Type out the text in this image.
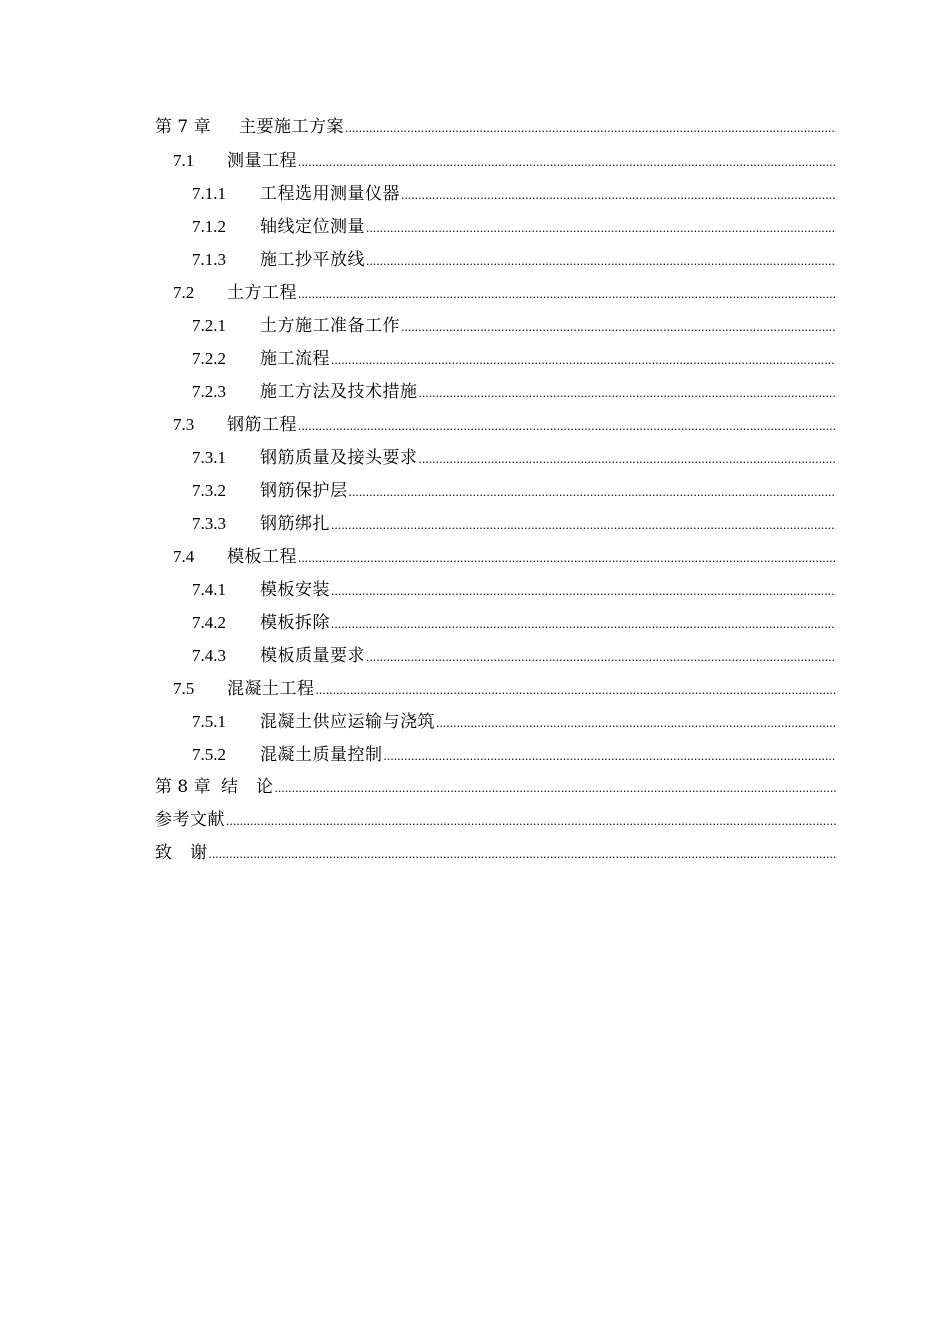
第 7 章	主要施工方案
.....
7.1	测量工程
.....
7.1.1	工程选用测量仪器
.....
7.1.2	轴线定位测量
.....
7.1.3	施工抄平放线
.....
7.2	土方工程
.....
7.2.1	土方施工准备工作
.....
7.2.2	施工流程
.....
7.2.3	施工方法及技术措施
.....
7.3	钢筋工程
.....
7.3.1	钢筋质量及接头要求
.....
7.3.2	钢筋保护层
.....
7.3.3	钢筋绑扎
.....
7.4	模板工程
.....
7.4.1	模板安装
.....
7.4.2	模板拆除
.....
7.4.3	模板质量要求
.....
7.5	混凝土工程
.....
7.5.1	混凝土供应运输与浇筑
.....
7.5.2	混凝土质量控制
.....
第 8 章 结　论
.....
参考文献
.....
致　谢
.....
